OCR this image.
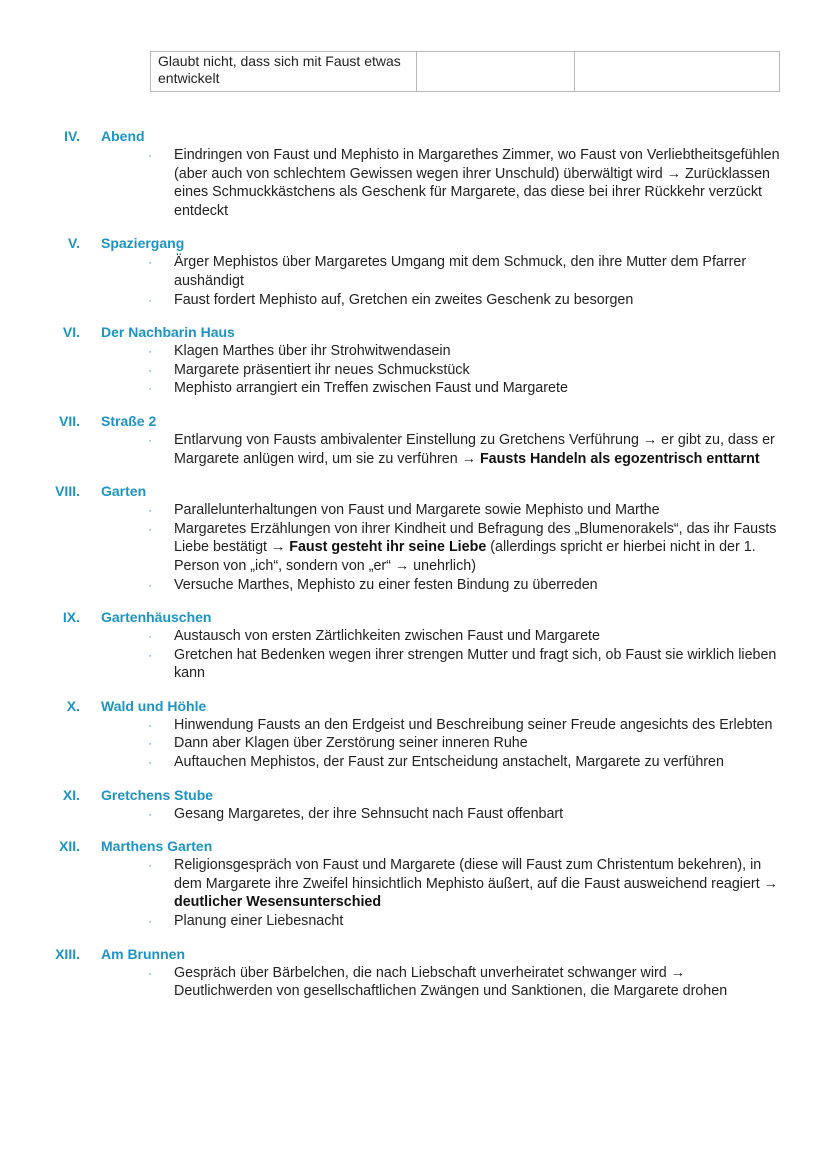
Glaubt nicht, dass sich mit Faust etwas entwickelt		
IV. Abend
· Eindringen von Faust und Mephisto in Margarethes Zimmer, wo Faust von Verliebtheitsgefühlen (aber auch von schlechtem Gewissen wegen ihrer Unschuld) überwältigt wird → Zurücklassen eines Schmuckkästchens als Geschenk für Margarete, das diese bei ihrer Rückkehr verzückt entdeckt
V. Spaziergang
· Ärger Mephistos über Margaretes Umgang mit dem Schmuck, den ihre Mutter dem Pfarrer aushändigt
· Faust fordert Mephisto auf, Gretchen ein zweites Geschenk zu besorgen
VI. Der Nachbarin Haus
· Klagen Marthes über ihr Strohwitwendasein
· Margarete präsentiert ihr neues Schmuckstück
· Mephisto arrangiert ein Treffen zwischen Faust und Margarete
VII. Straße 2
· Entlarvung von Fausts ambivalenter Einstellung zu Gretchens Verführung → er gibt zu, dass er Margarete anlügen wird, um sie zu verführen → Fausts Handeln als egozentrisch enttarnt
VIII. Garten
· Parallelunterhaltungen von Faust und Margarete sowie Mephisto und Marthe
· Margaretes Erzählungen von ihrer Kindheit und Befragung des „Blumenorakels“, das ihr Fausts Liebe bestätigt → Faust gesteht ihr seine Liebe (allerdings spricht er hierbei nicht in der 1. Person von „ich“, sondern von „er“ → unehrlich)
· Versuche Marthes, Mephisto zu einer festen Bindung zu überreden
IX. Gartenhäuschen
· Austausch von ersten Zärtlichkeiten zwischen Faust und Margarete
· Gretchen hat Bedenken wegen ihrer strengen Mutter und fragt sich, ob Faust sie wirklich lieben kann
X. Wald und Höhle
· Hinwendung Fausts an den Erdgeist und Beschreibung seiner Freude angesichts des Erlebten
· Dann aber Klagen über Zerstörung seiner inneren Ruhe
· Auftauchen Mephistos, der Faust zur Entscheidung anstachelt, Margarete zu verführen
XI. Gretchens Stube
· Gesang Margaretes, der ihre Sehnsucht nach Faust offenbart
XII. Marthens Garten
· Religionsgespräch von Faust und Margarete (diese will Faust zum Christentum bekehren), in dem Margarete ihre Zweifel hinsichtlich Mephisto äußert, auf die Faust ausweichend reagiert → deutlicher Wesensunterschied
· Planung einer Liebesnacht
XIII. Am Brunnen
· Gespräch über Bärbelchen, die nach Liebschaft unverheiratet schwanger wird → Deutlichwerden von gesellschaftlichen Zwängen und Sanktionen, die Margarete drohen
